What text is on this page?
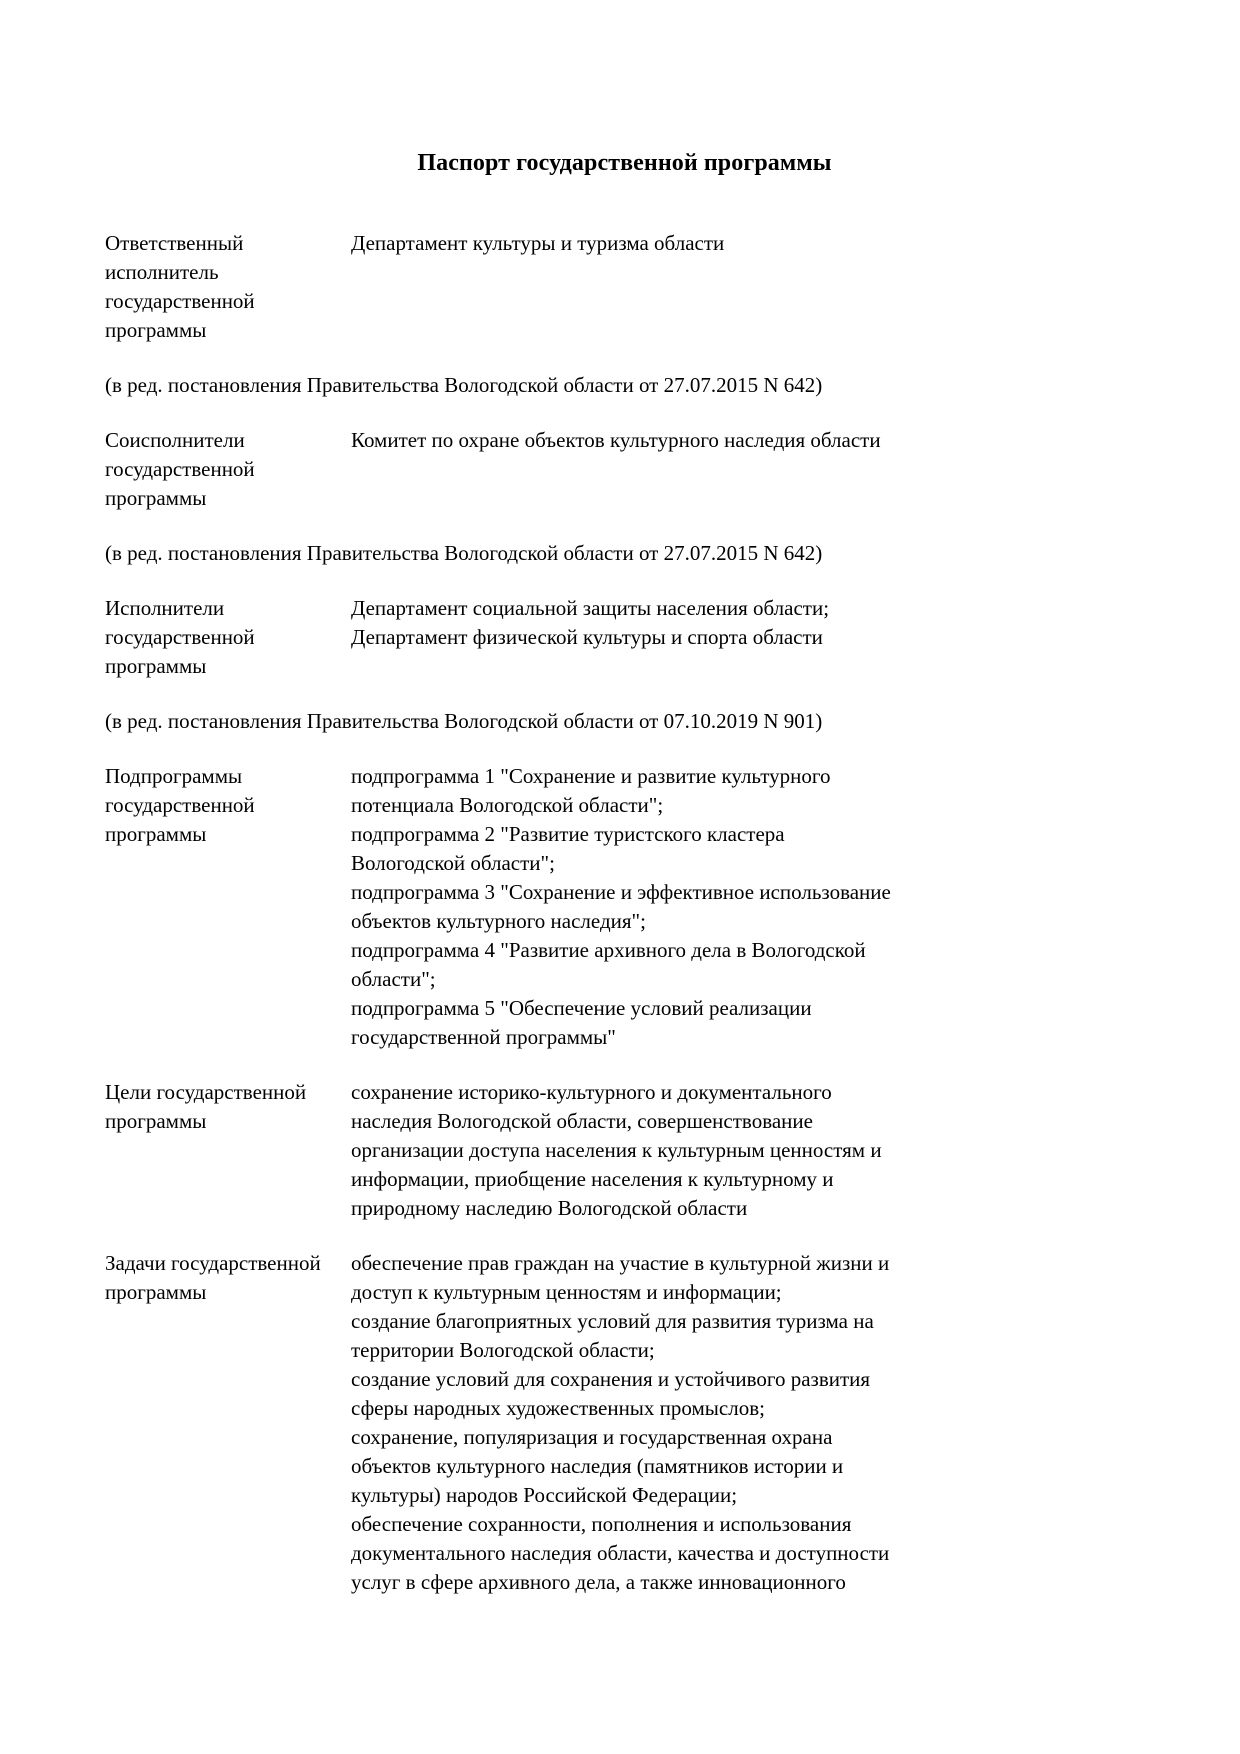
Паспорт государственной программы
Ответственный исполнитель государственной программы
Департамент культуры и туризма области
(в ред. постановления Правительства Вологодской области от 27.07.2015 N 642)
Соисполнители государственной программы
Комитет по охране объектов культурного наследия области
(в ред. постановления Правительства Вологодской области от 27.07.2015 N 642)
Исполнители государственной программы
Департамент социальной защиты населения области;
Департамент физической культуры и спорта области
(в ред. постановления Правительства Вологодской области от 07.10.2019 N 901)
Подпрограммы государственной программы
подпрограмма 1 "Сохранение и развитие культурного
потенциала Вологодской области";
подпрограмма 2 "Развитие туристского кластера
Вологодской области";
подпрограмма 3 "Сохранение и эффективное использование
объектов культурного наследия";
подпрограмма 4 "Развитие архивного дела в Вологодской
области";
подпрограмма 5 "Обеспечение условий реализации
государственной программы"
Цели государственной программы
сохранение историко-культурного и документального
наследия Вологодской области, совершенствование
организации доступа населения к культурным ценностям и
информации, приобщение населения к культурному и
природному наследию Вологодской области
Задачи государственной программы
обеспечение прав граждан на участие в культурной жизни и
доступ к культурным ценностям и информации;
создание благоприятных условий для развития туризма на
территории Вологодской области;
создание условий для сохранения и устойчивого развития
сферы народных художественных промыслов;
сохранение, популяризация и государственная охрана
объектов культурного наследия (памятников истории и
культуры) народов Российской Федерации;
обеспечение сохранности, пополнения и использования
документального наследия области, качества и доступности
услуг в сфере архивного дела, а также инновационного
